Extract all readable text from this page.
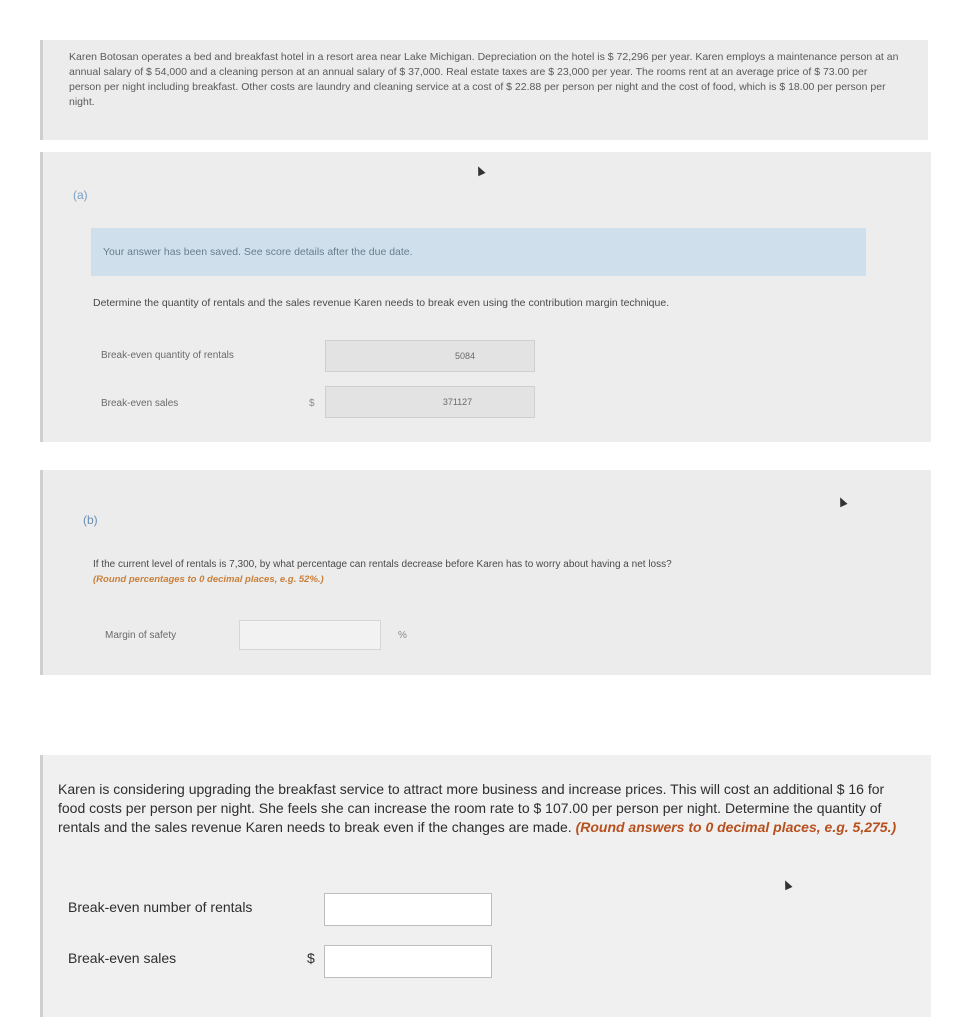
Karen Botosan operates a bed and breakfast hotel in a resort area near Lake Michigan. Depreciation on the hotel is $ 72,296 per year. Karen employs a maintenance person at an annual salary of $ 54,000 and a cleaning person at an annual salary of $ 37,000. Real estate taxes are $ 23,000 per year. The rooms rent at an average price of $ 73.00 per person per night including breakfast. Other costs are laundry and cleaning service at a cost of $ 22.88 per person per night and the cost of food, which is $ 18.00 per person per night.
(a)
Your answer has been saved. See score details after the due date.
Determine the quantity of rentals and the sales revenue Karen needs to break even using the contribution margin technique.
Break-even quantity of rentals	5084
Break-even sales	$	371127
(b)
If the current level of rentals is 7,300, by what percentage can rentals decrease before Karen has to worry about having a net loss?
(Round percentages to 0 decimal places, e.g. 52%.)
Margin of safety	%
Karen is considering upgrading the breakfast service to attract more business and increase prices. This will cost an additional $ 16 for food costs per person per night. She feels she can increase the room rate to $ 107.00 per person per night. Determine the quantity of rentals and the sales revenue Karen needs to break even if the changes are made. (Round answers to 0 decimal places, e.g. 5,275.)
Break-even number of rentals
Break-even sales	$
